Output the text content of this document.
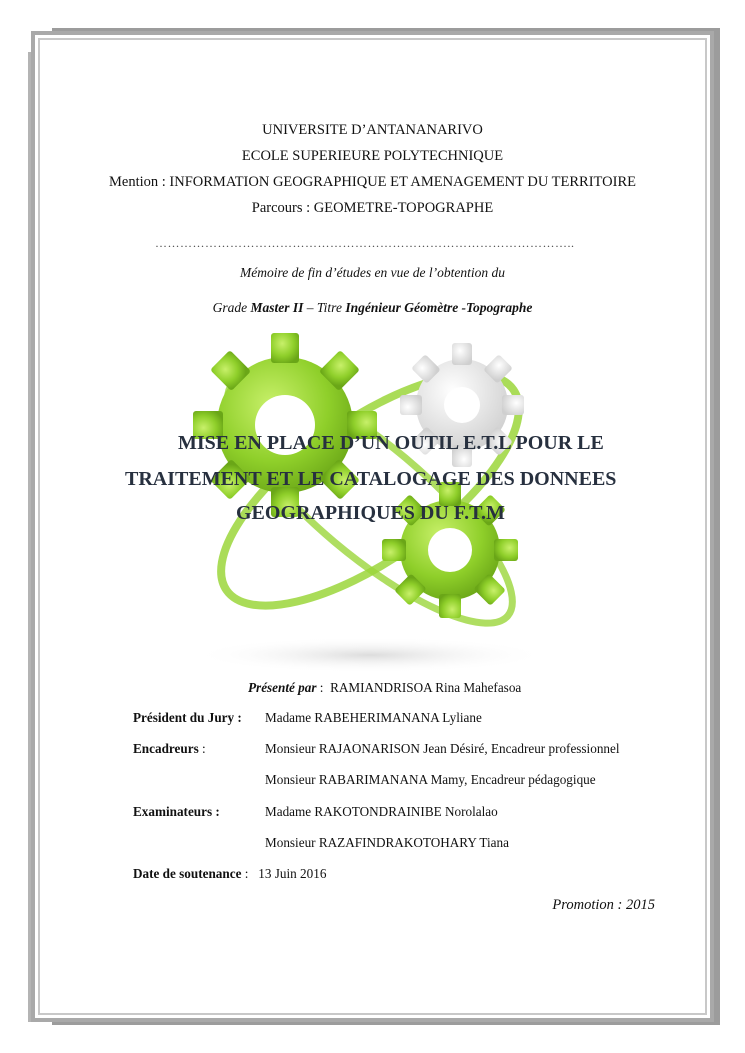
UNIVERSITE D’ANTANANARIVO
ECOLE SUPERIEURE POLYTECHNIQUE
Mention : INFORMATION GEOGRAPHIQUE ET AMENAGEMENT DU TERRITOIRE
Parcours : GEOMETRE-TOPOGRAPHE
………………………………………………………………………………………..
Mémoire de fin d’études en vue de l’obtention du
Grade Master II – Titre Ingénieur Géomètre -Topographe
MISE EN PLACE D’UN OUTIL E.T.L POUR LE
TRAITEMENT ET LE CATALOGAGE DES DONNEES
GEOGRAPHIQUES DU F.T.M
Présenté par :  RAMIANDRISOA Rina Mahefasoa
Président du Jury : Madame RABEHERIMANANA Lyliane
Encadreurs :	Monsieur RAJAONARISON Jean Désiré, Encadreur professionnel
Monsieur RABARIMANANA Mamy, Encadreur pédagogique
Examinateurs :	Madame RAKOTONDRAINIBE Norolalao
Monsieur RAZAFINDRAKOTOHARY Tiana
Date de soutenance :   13 Juin 2016
Promotion : 2015
